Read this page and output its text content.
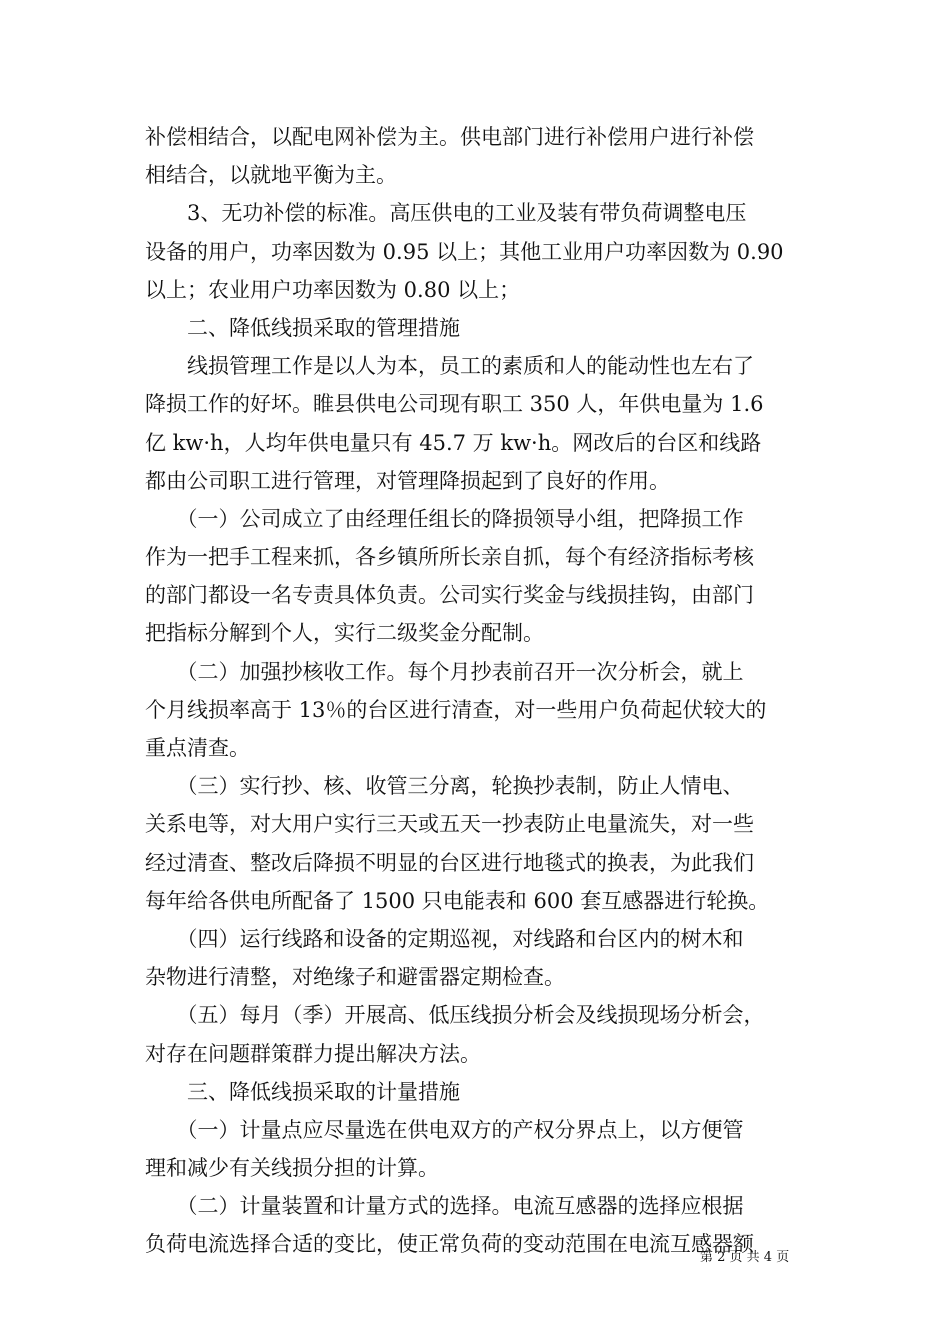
补偿相结合，以配电网补偿为主。供电部门进行补偿用户进行补偿
相结合，以就地平衡为主。
　　3、无功补偿的标准。高压供电的工业及装有带负荷调整电压
设备的用户，功率因数为 0.95 以上；其他工业用户功率因数为 0.90
以上；农业用户功率因数为 0.80 以上；
　　二、降低线损采取的管理措施
　　线损管理工作是以人为本，员工的素质和人的能动性也左右了
降损工作的好坏。睢县供电公司现有职工 350 人，年供电量为 1.6
亿 kw·h，人均年供电量只有 45.7 万 kw·h。网改后的台区和线路
都由公司职工进行管理，对管理降损起到了良好的作用。
　　（一）公司成立了由经理任组长的降损领导小组，把降损工作
作为一把手工程来抓，各乡镇所所长亲自抓，每个有经济指标考核
的部门都设一名专责具体负责。公司实行奖金与线损挂钩，由部门
把指标分解到个人，实行二级奖金分配制。
　　（二）加强抄核收工作。每个月抄表前召开一次分析会，就上
个月线损率高于 13％的台区进行清查，对一些用户负荷起伏较大的
重点清查。
　　（三）实行抄、核、收管三分离，轮换抄表制，防止人情电、
关系电等，对大用户实行三天或五天一抄表防止电量流失，对一些
经过清查、整改后降损不明显的台区进行地毯式的换表，为此我们
每年给各供电所配备了 1500 只电能表和 600 套互感器进行轮换。
　　（四）运行线路和设备的定期巡视，对线路和台区内的树木和
杂物进行清整，对绝缘子和避雷器定期检查。
　　（五）每月（季）开展高、低压线损分析会及线损现场分析会，
对存在问题群策群力提出解决方法。
　　三、降低线损采取的计量措施
　　（一）计量点应尽量选在供电双方的产权分界点上，以方便管
理和减少有关线损分担的计算。
　　（二）计量装置和计量方式的选择。电流互感器的选择应根据
负荷电流选择合适的变比，使正常负荷的变动范围在电流互感器额
第 2 页 共 4 页
